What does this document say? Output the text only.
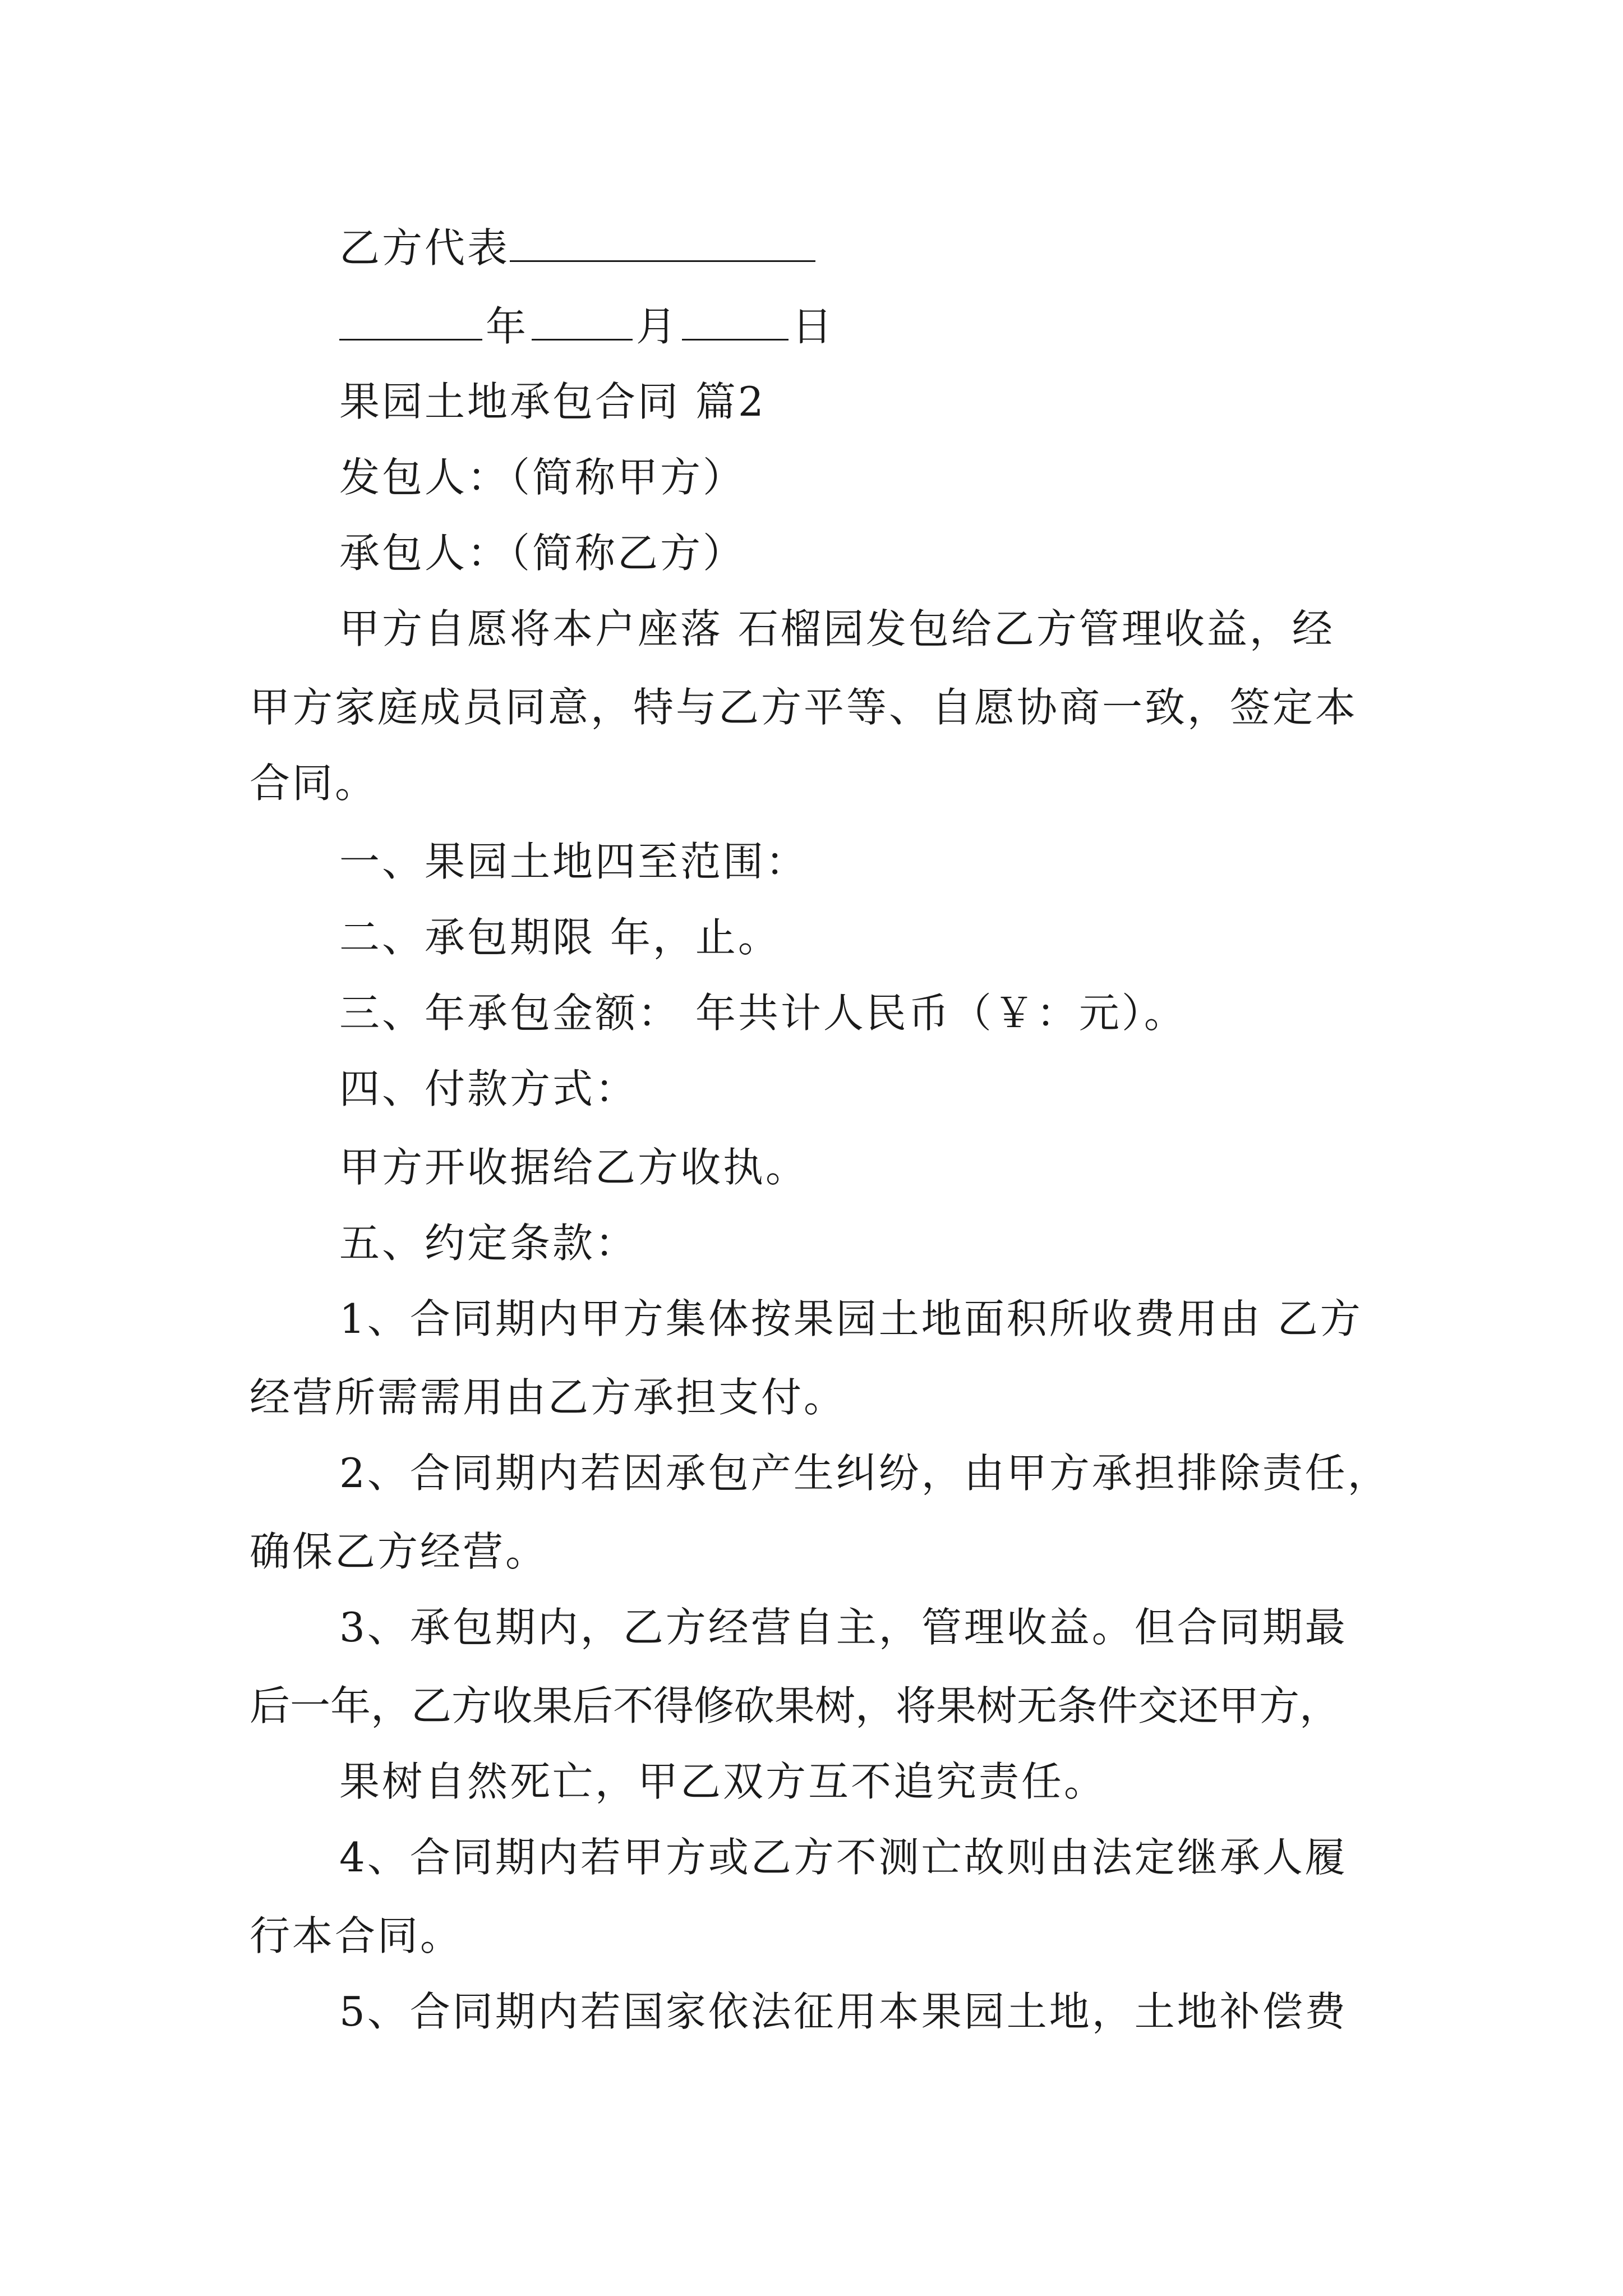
乙方代表
年	月	日
果园土地承包合同 篇2
发包人：（简称甲方）
承包人：（简称乙方）
甲方自愿将本户座落 石榴园发包给乙方管理收益，经
甲方家庭成员同意，特与乙方平等、自愿协商一致，签定本
合同。
一、果园土地四至范围：
二、承包期限 年，止。
三、年承包金额： 年共计人民币（￥：元）。
四、付款方式：
甲方开收据给乙方收执。
五、约定条款：
1、合同期内甲方集体按果园土地面积所收费用由 乙方
经营所需需用由乙方承担支付。
2、合同期内若因承包产生纠纷，由甲方承担排除责任，
确保乙方经营。
3、承包期内，乙方经营自主，管理收益。但合同期最
后一年，乙方收果后不得修砍果树，将果树无条件交还甲方，
果树自然死亡，甲乙双方互不追究责任。
4、合同期内若甲方或乙方不测亡故则由法定继承人履
行本合同。
5、合同期内若国家依法征用本果园土地，土地补偿费
